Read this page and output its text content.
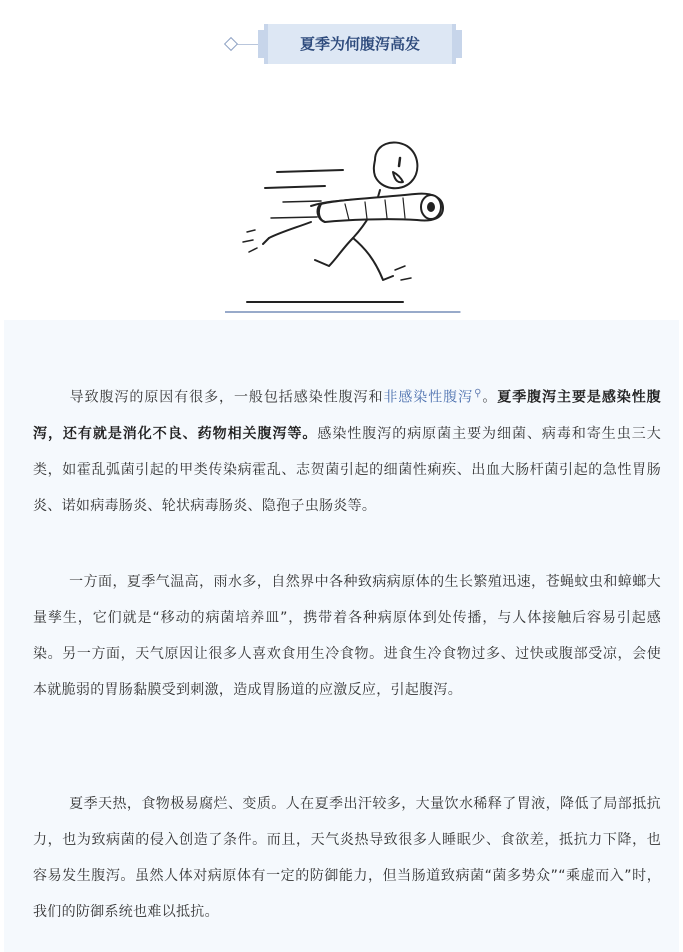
夏季为何腹泻高发

导致腹泻的原因有很多，一般包括感染性腹泻和非感染性腹泻⚲。夏季腹泻主要是感染性腹泻，还有就是消化不良、药物相关腹泻等。感染性腹泻的病原菌主要为细菌、病毒和寄生虫三大类，如霍乱弧菌引起的甲类传染病霍乱、志贺菌引起的细菌性痢疾、出血大肠杆菌引起的急性胃肠炎、诺如病毒肠炎、轮状病毒肠炎、隐孢子虫肠炎等。

一方面，夏季气温高，雨水多，自然界中各种致病病原体的生长繁殖迅速，苍蝇蚊虫和蟑螂大量孳生，它们就是“移动的病菌培养皿”，携带着各种病原体到处传播，与人体接触后容易引起感染。另一方面，天气原因让很多人喜欢食用生冷食物。进食生冷食物过多、过快或腹部受凉，会使本就脆弱的胃肠黏膜受到刺激，造成胃肠道的应激反应，引起腹泻。

夏季天热，食物极易腐烂、变质。人在夏季出汗较多，大量饮水稀释了胃液，降低了局部抵抗力，也为致病菌的侵入创造了条件。而且，天气炎热导致很多人睡眠少、食欲差，抵抗力下降，也容易发生腹泻。虽然人体对病原体有一定的防御能力，但当肠道致病菌“菌多势众”“乘虚而入”时，我们的防御系统也难以抵抗。
